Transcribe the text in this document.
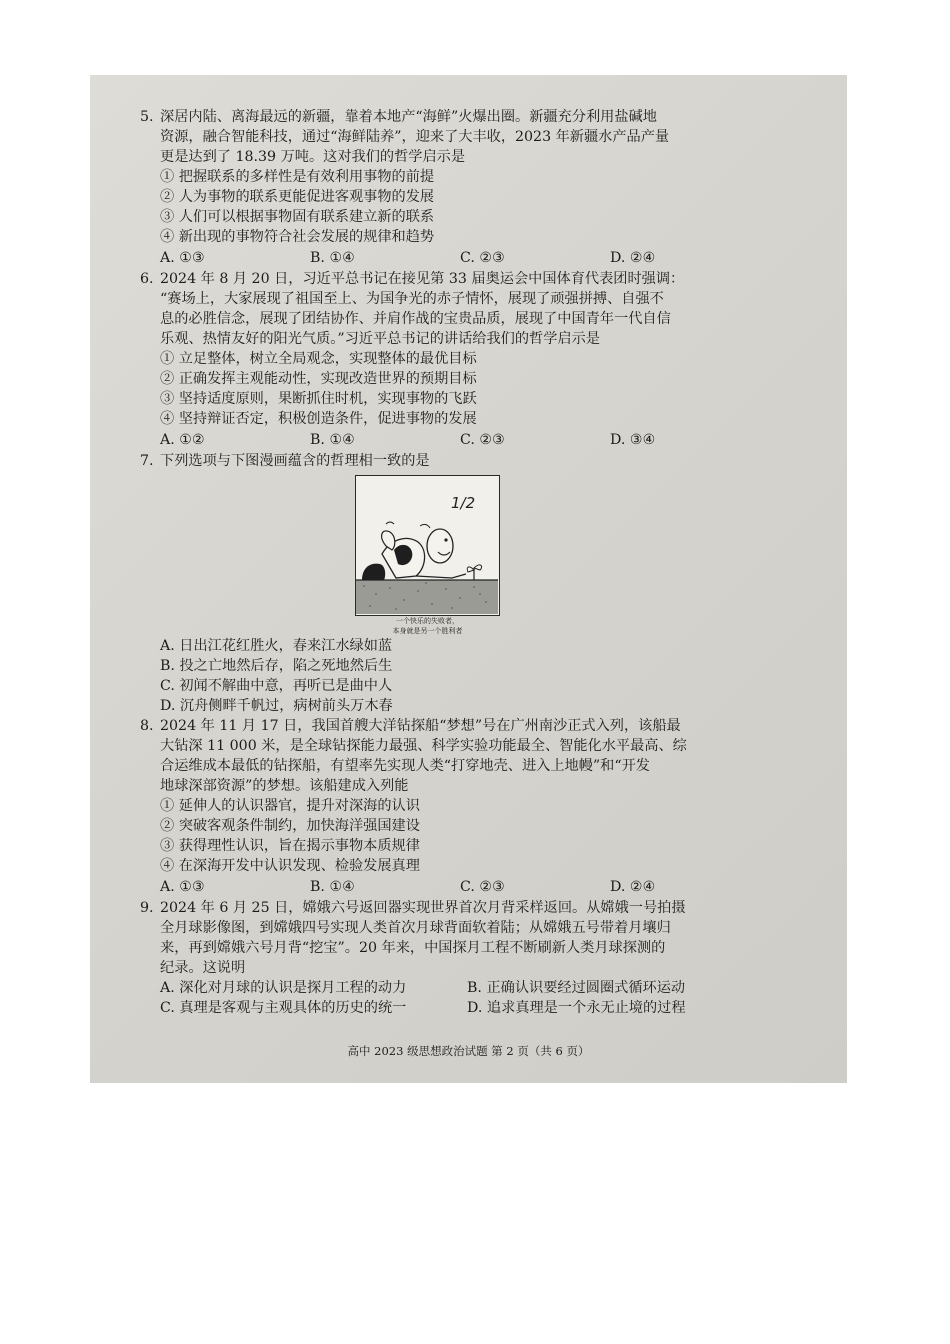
5. 深居内陆、离海最远的新疆，靠着本地产“海鲜”火爆出圈。新疆充分利用盐碱地
资源，融合智能科技，通过“海鲜陆养”，迎来了大丰收，2023 年新疆水产品产量
更是达到了 18.39 万吨。这对我们的哲学启示是
① 把握联系的多样性是有效利用事物的前提
② 人为事物的联系更能促进客观事物的发展
③ 人们可以根据事物固有联系建立新的联系
④ 新出现的事物符合社会发展的规律和趋势
A. ①③	B. ①④	C. ②③	D. ②④
6. 2024 年 8 月 20 日，习近平总书记在接见第 33 届奥运会中国体育代表团时强调：
“赛场上，大家展现了祖国至上、为国争光的赤子情怀，展现了顽强拼搏、自强不
息的必胜信念，展现了团结协作、并肩作战的宝贵品质，展现了中国青年一代自信
乐观、热情友好的阳光气质。”习近平总书记的讲话给我们的哲学启示是
① 立足整体，树立全局观念，实现整体的最优目标
② 正确发挥主观能动性，实现改造世界的预期目标
③ 坚持适度原则，果断抓住时机，实现事物的飞跃
④ 坚持辩证否定，积极创造条件，促进事物的发展
A. ①②	B. ①④	C. ②③	D. ③④
7. 下列选项与下图漫画蕴含的哲理相一致的是
1/2
一个快乐的失败者，
本身就是另一个胜利者
A. 日出江花红胜火，春来江水绿如蓝
B. 投之亡地然后存，陷之死地然后生
C. 初闻不解曲中意，再听已是曲中人
D. 沉舟侧畔千帆过，病树前头万木春
8. 2024 年 11 月 17 日，我国首艘大洋钻探船“梦想”号在广州南沙正式入列，该船最
大钻深 11 000 米，是全球钻探能力最强、科学实验功能最全、智能化水平最高、综
合运维成本最低的钻探船，有望率先实现人类“打穿地壳、进入上地幔”和“开发
地球深部资源”的梦想。该船建成入列能
① 延伸人的认识器官，提升对深海的认识
② 突破客观条件制约，加快海洋强国建设
③ 获得理性认识，旨在揭示事物本质规律
④ 在深海开发中认识发现、检验发展真理
A. ①③	B. ①④	C. ②③	D. ②④
9. 2024 年 6 月 25 日，嫦娥六号返回器实现世界首次月背采样返回。从嫦娥一号拍摄
全月球影像图，到嫦娥四号实现人类首次月球背面软着陆；从嫦娥五号带着月壤归
来，再到嫦娥六号月背“挖宝”。20 年来，中国探月工程不断刷新人类月球探测的
纪录。这说明
A. 深化对月球的认识是探月工程的动力	B. 正确认识要经过圆圈式循环运动
C. 真理是客观与主观具体的历史的统一	D. 追求真理是一个永无止境的过程
高中 2023 级思想政治试题 第 2 页（共 6 页）
